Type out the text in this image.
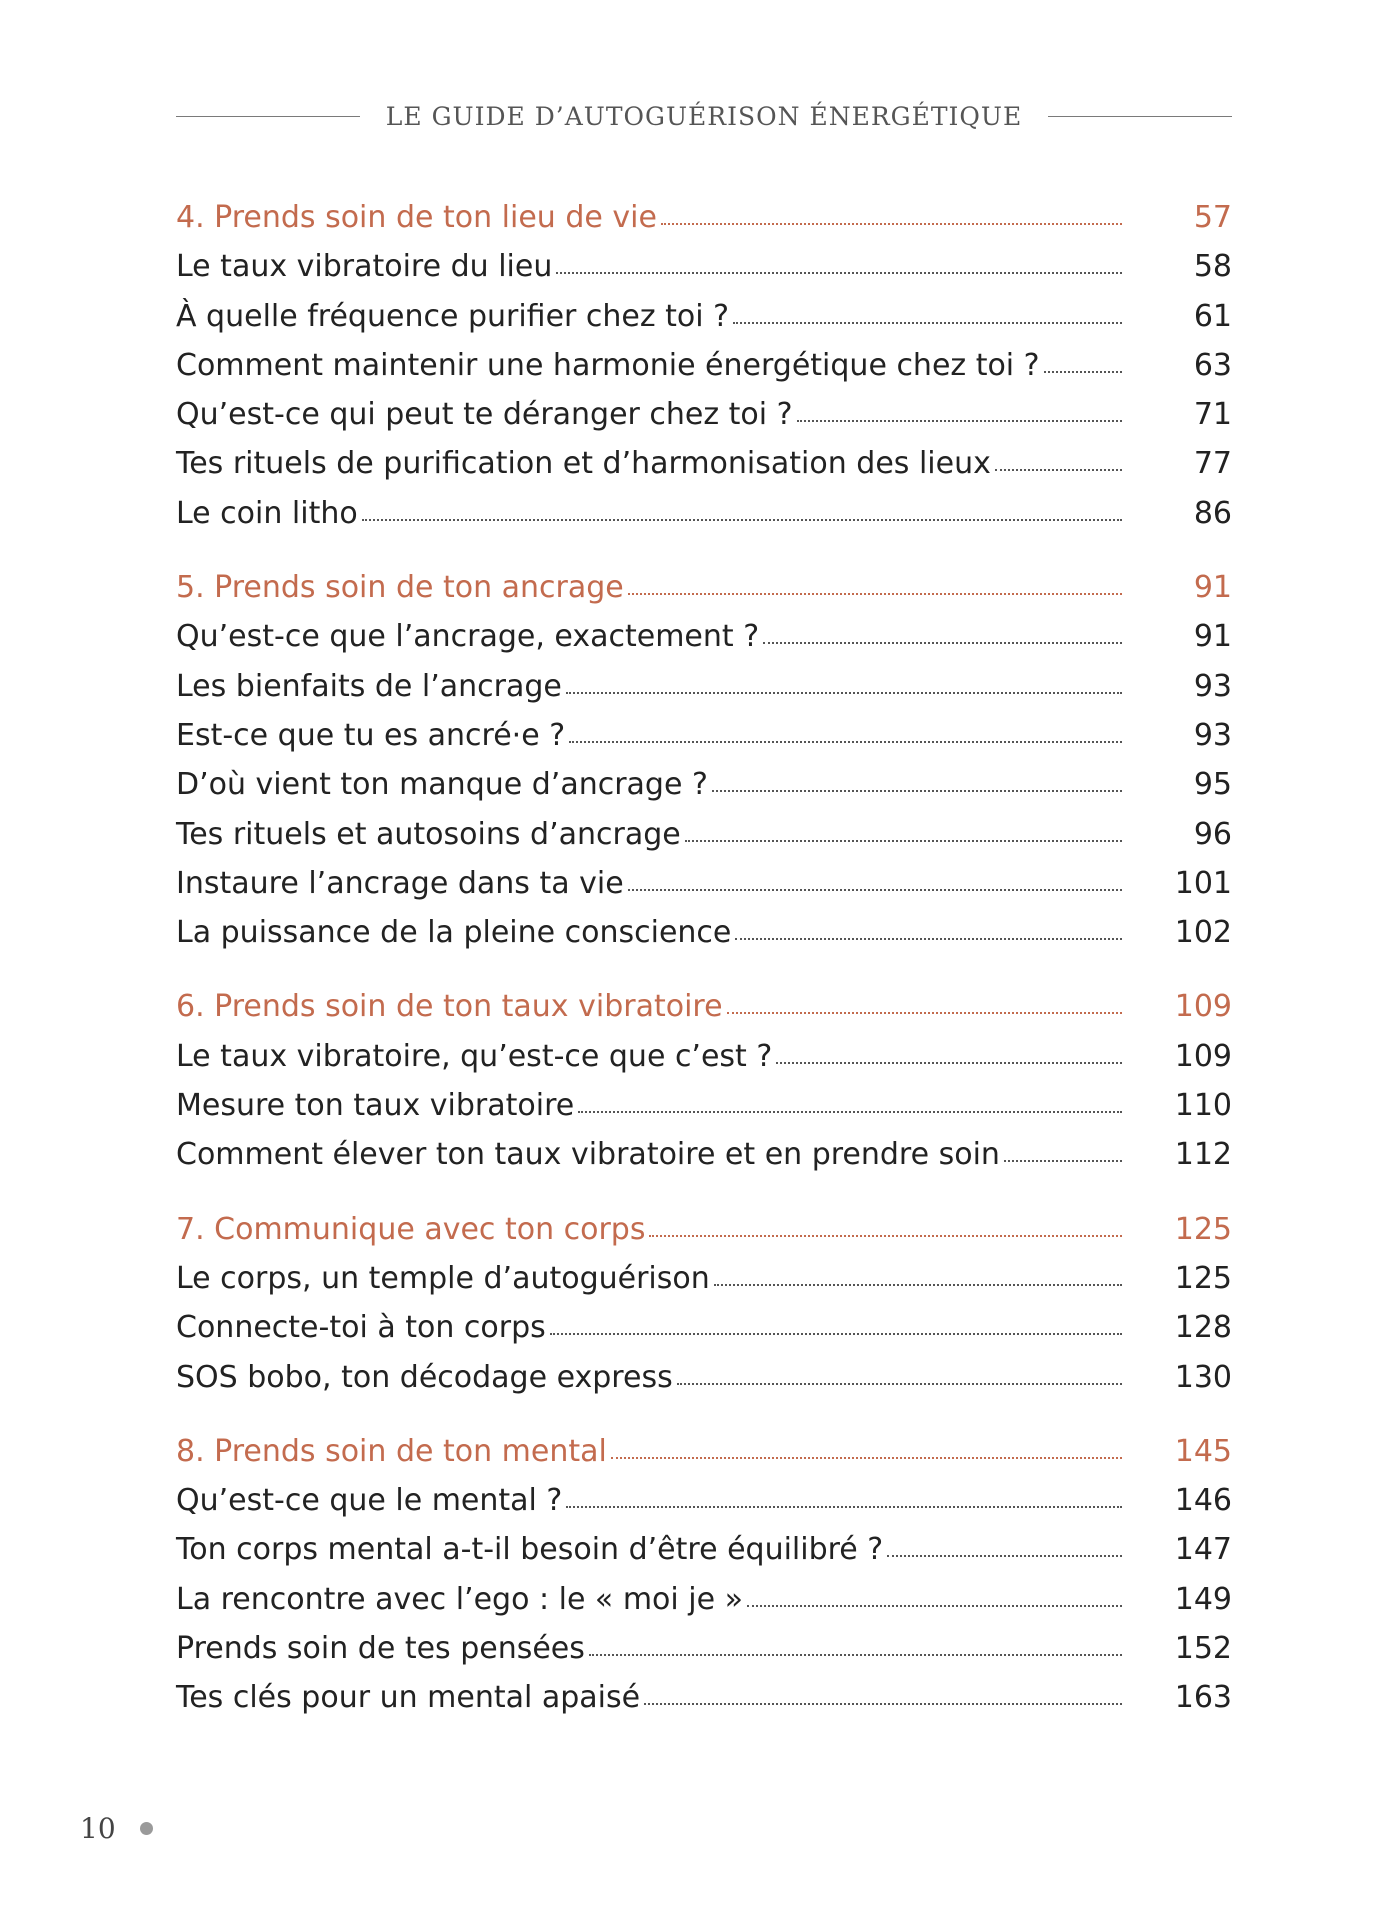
LE GUIDE D’AUTOGUÉRISON ÉNERGÉTIQUE
4. Prends soin de ton lieu de vie	57
Le taux vibratoire du lieu	58
À quelle fréquence purifier chez toi ?	61
Comment maintenir une harmonie énergétique chez toi ?	63
Qu’est-ce qui peut te déranger chez toi ?	71
Tes rituels de purification et d’harmonisation des lieux	77
Le coin litho	86
5. Prends soin de ton ancrage	91
Qu’est-ce que l’ancrage, exactement ?	91
Les bienfaits de l’ancrage	93
Est-ce que tu es ancré·e ?	93
D’où vient ton manque d’ancrage ?	95
Tes rituels et autosoins d’ancrage	96
Instaure l’ancrage dans ta vie	101
La puissance de la pleine conscience	102
6. Prends soin de ton taux vibratoire	109
Le taux vibratoire, qu’est-ce que c’est ?	109
Mesure ton taux vibratoire	110
Comment élever ton taux vibratoire et en prendre soin	112
7. Communique avec ton corps	125
Le corps, un temple d’autoguérison	125
Connecte-toi à ton corps	128
SOS bobo, ton décodage express	130
8. Prends soin de ton mental	145
Qu’est-ce que le mental ?	146
Ton corps mental a-t-il besoin d’être équilibré ?	147
La rencontre avec l’ego : le « moi je »	149
Prends soin de tes pensées	152
Tes clés pour un mental apaisé	163
10
